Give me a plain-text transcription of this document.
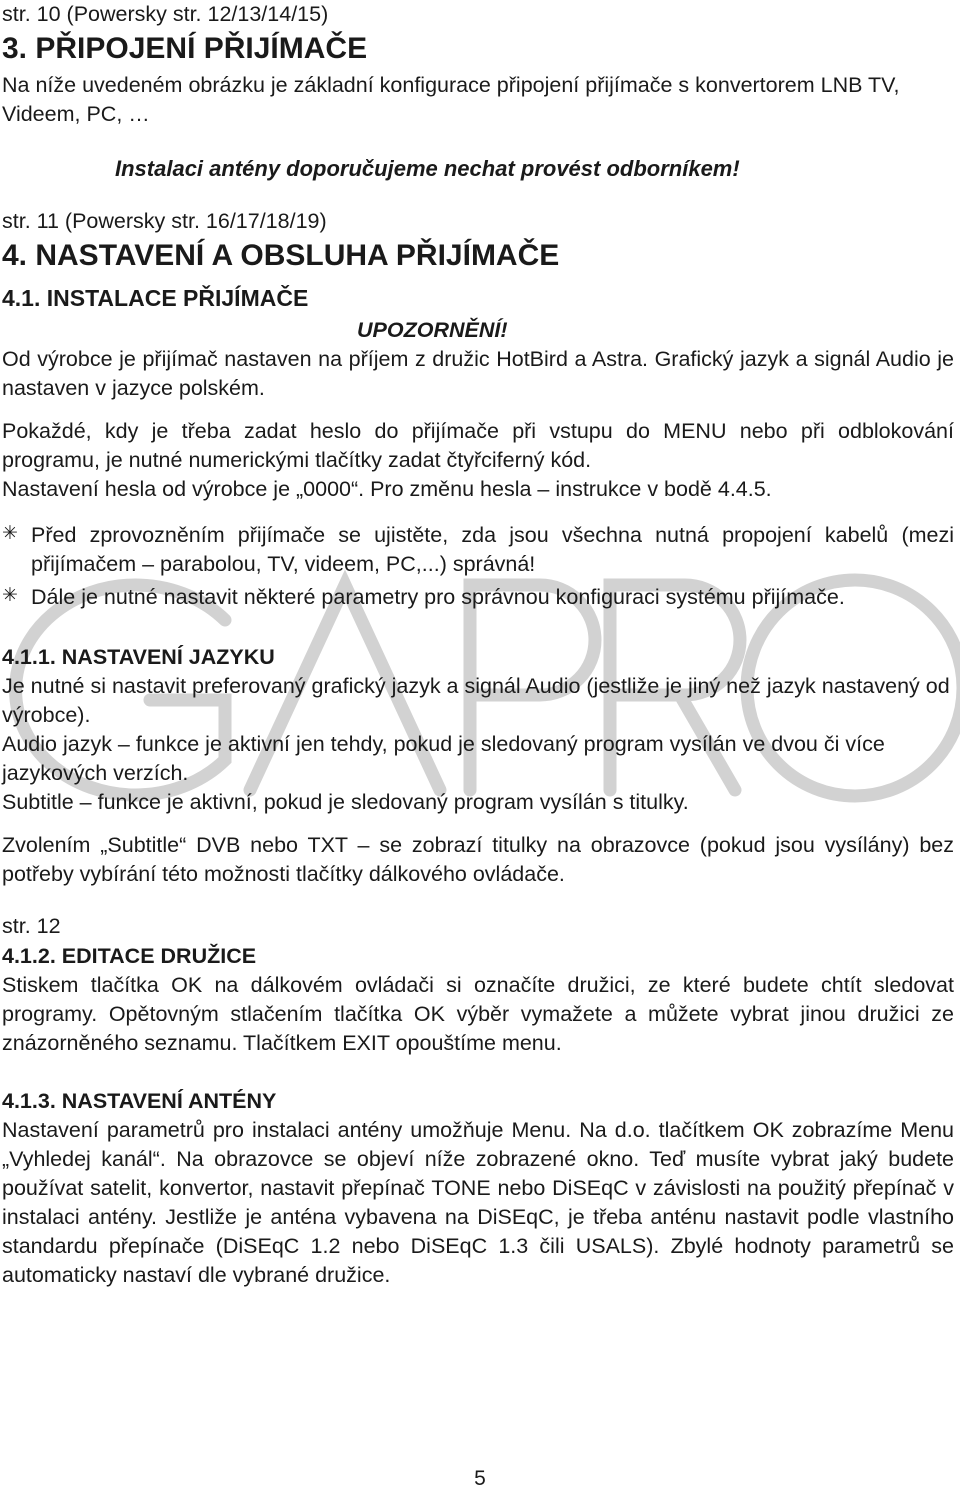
str. 10 (Powersky str. 12/13/14/15)

3. PŘIPOJENÍ PŘIJÍMAČE

Na níže uvedeném obrázku je základní konfigurace připojení přijímače s konvertorem LNB TV, Videem, PC, …

Instalaci antény doporučujeme nechat provést odborníkem!

str. 11 (Powersky str. 16/17/18/19)

4. NASTAVENÍ A OBSLUHA PŘIJÍMAČE
4.1. INSTALACE PŘIJÍMAČE

UPOZORNĚNÍ!

Od výrobce je přijímač nastaven na příjem z družic HotBird a Astra. Grafický jazyk a signál Audio je nastaven v jazyce polském.

Pokaždé, kdy je třeba zadat heslo do přijímače při vstupu do MENU nebo při odblokování programu, je nutné numerickými tlačítky zadat čtyřciferný kód.

Nastavení hesla od výrobce je „0000“. Pro změnu hesla – instrukce v bodě 4.4.5.

✳ Před zprovozněním přijímače se ujistěte, zda jsou všechna nutná propojení kabelů (mezi přijímačem – parabolou, TV, videem, PC,...) správná!

✳ Dále je nutné nastavit některé parametry pro správnou konfiguraci systému přijímače.

4.1.1. NASTAVENÍ JAZYKU

Je nutné si nastavit preferovaný grafický jazyk a signál Audio (jestliže je jiný než jazyk nastavený od výrobce).

Audio jazyk – funkce je aktivní jen tehdy, pokud je sledovaný program vysílán ve dvou či více jazykových verzích.

Subtitle – funkce je aktivní, pokud je sledovaný program vysílán s titulky.

Zvolením „Subtitle“ DVB nebo TXT – se zobrazí titulky na obrazovce (pokud jsou vysílány) bez potřeby vybírání této možnosti tlačítky dálkového ovládače.

str. 12

4.1.2. EDITACE DRUŽICE

Stiskem tlačítka OK na dálkovém ovládači si označíte družici, ze které budete chtít sledovat programy. Opětovným stlačením tlačítka OK výběr vymažete a můžete vybrat jinou družici ze znázorněného seznamu. Tlačítkem EXIT opouštíme menu.

4.1.3. NASTAVENÍ ANTÉNY

Nastavení parametrů pro instalaci antény umožňuje Menu. Na d.o. tlačítkem OK zobrazíme Menu „Vyhledej kanál“. Na obrazovce se objeví níže zobrazené okno. Teď musíte vybrat jaký budete používat satelit, konvertor, nastavit přepínač TONE nebo DiSEqC v závislosti na použitý přepínač v instalaci antény. Jestliže je anténa vybavena na DiSEqC, je třeba anténu nastavit podle vlastního standardu přepínače (DiSEqC 1.2 nebo DiSEqC 1.3 čili USALS). Zbylé hodnoty parametrů se automaticky nastaví dle vybrané družice.

5
